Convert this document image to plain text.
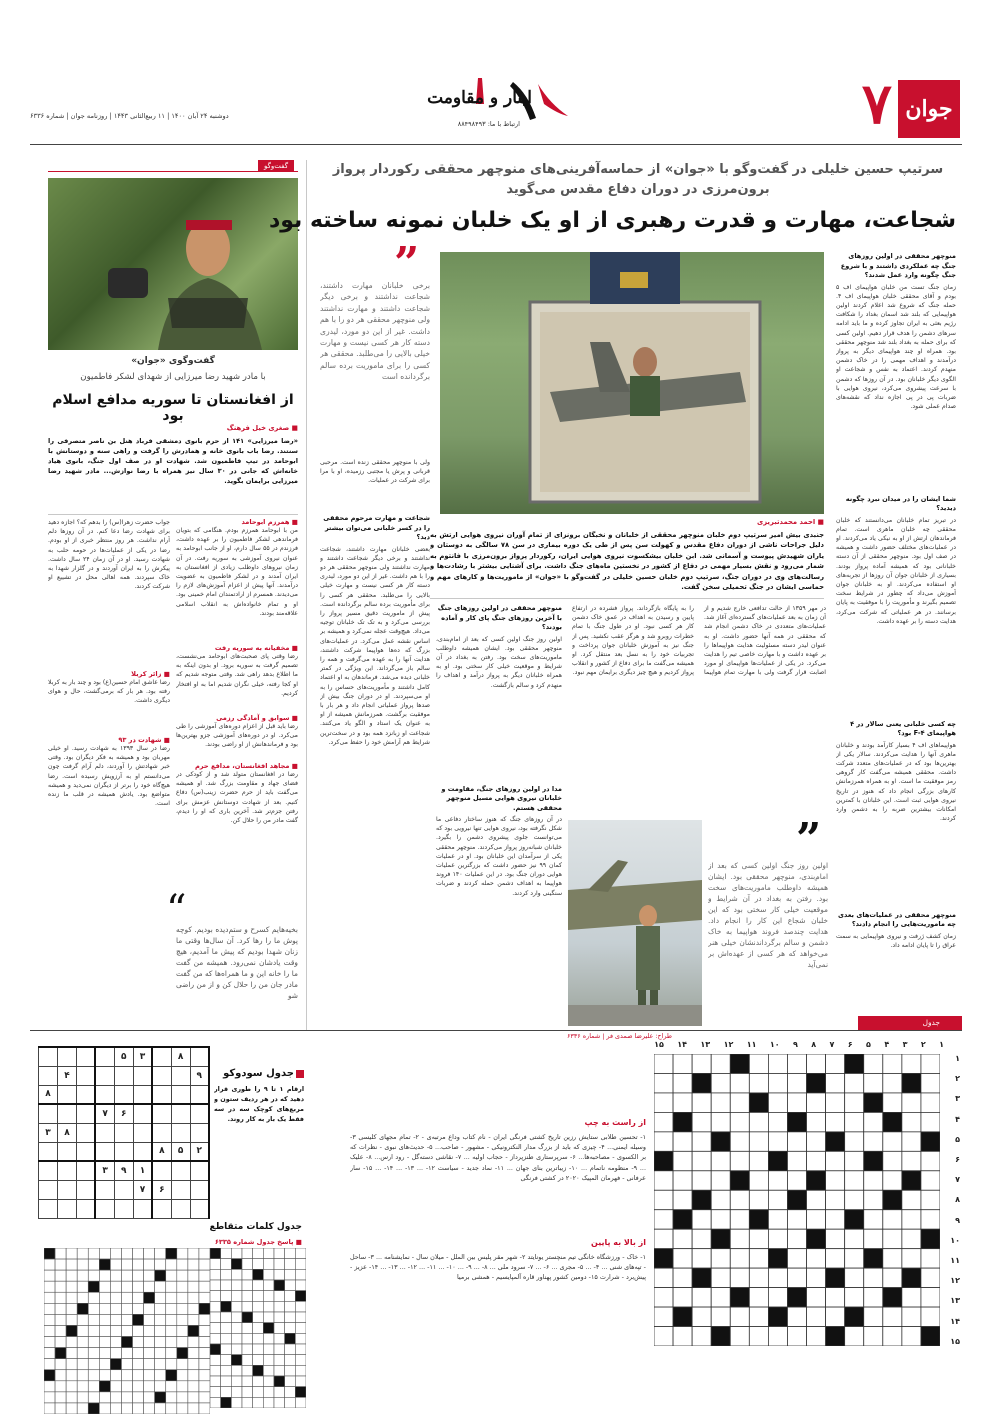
جوان
۷
ایثار و مقاومت
ارتباط با ما: ۸۸۴۹۸۴۹۳
دوشنبه ۲۴ آبان ۱۴۰۰ | ۱۱ ربیع‌الثانی ۱۴۴۳ | روزنامه جوان | شماره ۶۳۳۶
گفت‌وگو
گفت‌وگوی «جوان»
با مادر شهید رضا میرزایی از شهدای لشکر فاطمیون
از افغانستان تا سوریه مدافع اسلام بود
■ صغری خیل فرهنگ
«رضا میرزایی» ۱۴۱ از حرم بانوی دمشقی فرباد هنل بن ناصر متصرفی را سنتند. رضا باب بانوی خانه و همادرش را گرفت و راهی سنه و دوستانش با ابوحامد در تیپ فاطمیون شد. شهادت او در صف اول جنگ، بانوی هیاد خانه‌اش که جانی در ۳۰ سال نیز همراه با رضا نوازش... مادر شهید رضا میرزایی برایمان بگوید.
■ همرزم ابوحامد
من با ابوحامد همرزم بودم. هنگامی که بتویان فرماندهی لشکر فاطمیون را بر عهده داشت، فرزندم در ۵۵ سال دارم، او از جانب ابوحامد به عنوان نیروی آموزشی به سوریه رفت. در آن زمان نیروهای داوطلب زیادی از افغانستان به ایران آمدند و در لشکر فاطمیون به عضویت درآمدند. آنها پیش از اعزام آموزش‌های لازم را می‌دیدند. همسرم از ارادتمندان امام خمینی بود. او و تمام خانواده‌اش به انقلاب اسلامی علاقه‌مند بودند.
■ مخفیانه به سوریه رفت
رضا وقتی پای صحبت‌های ابوحامد می‌نشست، تصمیم گرفت به سوریه برود. او بدون اینکه به ما اطلاع بدهد راهی شد. وقتی متوجه شدیم که او کجا رفته، خیلی نگران شدیم اما به او افتخار کردیم.
■ سوابق و آمادگی رزمی
رضا باید قبل از اعزام دوره‌های آموزشی را طی می‌کرد. او در دوره‌های آموزشی جزو بهترین‌ها بود و فرماندهانش از او راضی بودند.
■ مجاهد افغانستان، مدافع حرم
رضا در افغانستان متولد شد و از کودکی در فضای جهاد و مقاومت بزرگ شد. او همیشه می‌گفت باید از حرم حضرت زینب(س) دفاع کنیم. بعد از شهادت دوستانش عزمش برای رفتن جزم‌تر شد. آخرین باری که او را دیدم، گفت مادر من را حلال کن.
جواب حضرت زهرا(س) را بدهم که؟ اجازه دهید برای شهادت رضا دعا کنم. در آن روزها دلم آرام نداشت. هر روز منتظر خبری از او بودم. رضا در یکی از عملیات‌ها در حومه حلب به شهادت رسید. او در آن زمان ۲۴ سال داشت. پیکرش را به ایران آوردند و در گلزار شهدا به خاک سپردند. همه اهالی محل در تشییع او شرکت کردند.
■ زائر کربلا
رضا عاشق امام حسین(ع) بود و چند بار به کربلا رفته بود. هر بار که برمی‌گشت، حال و هوای دیگری داشت.
■ شهادت در ۹۳
رضا در سال ۱۳۹۳ به شهادت رسید. او خیلی مهربان بود و همیشه به فکر دیگران بود. وقتی خبر شهادتش را آوردند، دلم آرام گرفت چون می‌دانستم او به آرزویش رسیده است. رضا هیچ‌گاه خود را برتر از دیگران نمی‌دید و همیشه متواضع بود. یادش همیشه در قلب ما زنده است.
“
بخیه‌هایم کسرح و ستم‌دیده بودیم. کوچه پوش ما را رها کرد. آن سال‌ها وقتی ما زنان شهدا بودیم که پیش ما آمدیم، هیچ وقت یادشان نمی‌رود. همیشه من گفت ما را خانه این و ما همراه‌ها که من گفت مادر جان من را حلال کن و از من راضی شو
سرتیپ حسین خلیلی در گفت‌وگو با «جوان» از حماسه‌آفرینی‌های منوچهر محققی رکوردار پرواز برون‌مرزی در دوران دفاع مقدس می‌گوید
شجاعت، مهارت و قدرت رهبری از او یک خلبان نمونه ساخته بود
منوچهر محققی در اولین روزهای جنگ چه عملکردی داشتند و با شروع جنگ چگونه وارد عمل شدند؟
زمان جنگ تست من خلبان هواپیمای اف ۵ بودم و آقای محققی خلبان هواپیمای اف ۴. حمله جنگ که شروع شد اعلام کردند اولین هواپیمایی که بلند شد اسمان بغداد را شکافت رژیم بعثی به ایران تجاوز کرده و ما باید ادامه سرهای دشمن را هدف قرار دهیم. اولین کسی که برای حمله به بغداد بلند شد منوچهر محققی بود. همراه او چند هواپیمای دیگر به پرواز درآمدند و اهداف مهمی را در خاک دشمن منهدم کردند. اعتماد به نفس و شجاعت او الگوی دیگر خلبانان بود. در آن روزها که دشمن با سرعت پیشروی می‌کرد، نیروی هوایی با ضربات پی در پی اجازه نداد که نقشه‌های صدام عملی شود.
شما ایشان را در میدان نبرد چگونه دیدید؟
در تبریز تمام خلبانان می‌دانستند که خلبان محققی چه خلبان ماهری است. تمام فرماندهان ارتش از او به نیکی یاد می‌کردند. او در عملیات‌های مختلف حضور داشت و همیشه در صف اول بود. منوچهر محققی از آن دسته خلبانانی بود که همیشه آماده پرواز بودند. بسیاری از خلبانان جوان آن روزها از تجربه‌های او استفاده می‌کردند. او به خلبانان جوان آموزش می‌داد که چطور در شرایط سخت تصمیم بگیرند و مأموریت را با موفقیت به پایان برسانند. در هر عملیاتی که شرکت می‌کرد، هدایت دسته را بر عهده داشت.
چه کسی خلبانی یعنی سالار در ۴ هواپیمای F-۴ بود؟
هواپیماهای اف ۴ بسیار کارآمد بودند و خلبانان ماهری آنها را هدایت می‌کردند. سالار یکی از بهترین‌ها بود که در عملیات‌های متعدد شرکت داشت. محققی همیشه می‌گفت کار گروهی رمز موفقیت ما است. او به همراه همرزمانش کارهای بزرگی انجام داد که هنوز در تاریخ نیروی هوایی ثبت است. این خلبانان با کمترین امکانات بیشترین ضربه را به دشمن وارد کردند.
منوچهر محققی در عملیات‌های بعدی چه ماموریت‌هایی را انجام دادند؟
زمان کشف ژرفت و نیروی هواپیمایی به سمت عراق را تا پایان ادامه داد.
■ احمد محمدتبریزی
جنبدی بیش امیر سرتیپ دوم خلبان منوچهر محققی از خلبانان و نخبگان برونزای از تمام آوران نیروی هوایی ارتش به دلیل جراحات ناشی از دوران دفاع مقدس و کهولت سن پس از طی یک دوره بیماری در سن ۷۸ سالگی به دوستان و یاران شهیدش پیوست و آسمانی شد. ابن خلبان بیشکسوت نیروی هوایی ایران، رکوردار پرواز برون‌مرزی با فانتوم به شمار می‌رود و نقش بسیار مهمی در دفاع از کشور در نخستین ماه‌های جنگ داشت. برای آشنایی بیشتر با رشادت‌ها و رسالت‌های وی در دوران جنگ، سرتیپ دوم خلبان حسین خلیلی در گفت‌وگو با «جوان» از ماموریت‌ها و کارهای مهم و حماسی ایشان در جنگ تحمیلی سخن گفت.
”
برخی خلبانان مهارت داشتند، شجاعت نداشتند و برخی دیگر شجاعت داشتند و مهارت نداشتند ولی منوچهر محققی هر دو را با هم داشت. غیر از این دو مورد، لیدری دسته کار هر کسی نیست و مهارت خیلی بالایی را می‌طلبد. محققی هر کسی را برای ماموریت برده سالم برگردانده است
ولی با منوچهر محققی زنده است. مرحبی قربانی و پرش یا مجتبی رزمیده، او با مرا برای شرکت در عملیات.
شجاعت و مهارت مرحوم محققی را در کسر خلبانی می‌توان بیشتر دید؟
بعضی خلبانان مهارت داشتند، شجاعت نداشتند و برخی دیگر شجاعت داشتند و مهارت نداشتند ولی منوچهر محققی هر دو را با هم داشت. غیر از این دو مورد، لیدری دسته کار هر کسی نیست و مهارت خیلی بالایی را می‌طلبد. محققی هر کسی را برای مأموریت برده سالم برگردانده است. پیش از ماموریت دقیق مسیر پرواز را بررسی می‌کرد و به تک تک خلبانان توجیه می‌داد. هیچ‌وقت عجله نمی‌کرد و همیشه بر اساس نقشه عمل می‌کرد. در عملیات‌های بزرگ که ده‌ها هواپیما شرکت داشتند، هدایت آنها را به عهده می‌گرفت و همه را سالم باز می‌گرداند. این ویژگی در کمتر خلبانی دیده می‌شد. فرماندهان به او اعتماد کامل داشتند و مأموریت‌های حساس را به او می‌سپردند. او در دوران جنگ بیش از صدها پرواز عملیاتی انجام داد و هر بار با موفقیت برگشت. همرزمانش همیشه از او به عنوان یک استاد و الگو یاد می‌کنند. شجاعت او زبانزد همه بود و در سخت‌ترین شرایط هم آرامش خود را حفظ می‌کرد.
منوچهر محققی در اولین روزهای جنگ با آخرین روزهای جنگ پای کار و آماده بودند؟
اولین روز جنگ اولین کسی که بعد از امام‌بندی، منوچهر محققی بود. ایشان همیشه داوطلب ماموریت‌های سخت بود. رفتن به بغداد در آن شرایط و موقعیت خیلی کار سختی بود. او به همراه خلبانان دیگر به پرواز درآمد و اهداف را منهدم کرد و سالم بازگشت.
مدا در اولین روزهای جنگ، مقاومت و خلبانان نیروی هوایی مسیل منوچهر محققی هستم.
در آن روزهای جنگ که هنوز ساختار دفاعی ما شکل نگرفته بود، نیروی هوایی تنها نیرویی بود که می‌توانست جلوی پیشروی دشمن را بگیرد. خلبانان شبانه‌روز پرواز می‌کردند. منوچهر محققی یکی از سرآمدان این خلبانان بود. او در عملیات کمان ۹۹ نیز حضور داشت که بزرگترین عملیات هوایی دوران جنگ بود. در این عملیات ۱۴۰ فروند هواپیما به اهداف دشمن حمله کردند و ضربات سنگینی وارد کردند.
در مهر ۱۳۵۹ از حالت تدافعی خارج شدیم و از آن زمان به بعد عملیات‌های گسترده‌ای آغاز شد. عملیات‌های متعددی در خاک دشمن انجام شد که محققی در همه آنها حضور داشت. او به عنوان لیدر دسته مسئولیت هدایت هواپیماها را بر عهده داشت و با مهارت خاصی تیم را هدایت می‌کرد. در یکی از عملیات‌ها هواپیمای او مورد اصابت قرار گرفت ولی با مهارت تمام هواپیما را به پایگاه بازگرداند. پرواز فشرده در ارتفاع پایین و رسیدن به اهداف در عمق خاک دشمن کار هر کسی نبود. او در طول جنگ با تمام خطرات روبرو شد و هرگز عقب نکشید. پس از جنگ نیز به آموزش خلبانان جوان پرداخت و تجربیات خود را به نسل بعد منتقل کرد. او همیشه می‌گفت ما برای دفاع از کشور و انقلاب پرواز کردیم و هیچ چیز دیگری برایمان مهم نبود.
”
اولین روز جنگ اولین کسی که بعد از امام‌بندی، منوچهر محققی بود. ایشان همیشه داوطلب ماموریت‌های سخت بود. رفتن به بغداد در آن شرایط و موقعیت خیلی کار سختی بود که این خلبان شجاع این کار را انجام داد. هدایت چندصد فروند هواپیما به خاک دشمن و سالم برگرداندنشان خیلی هنر می‌خواهد که هر کسی از عهده‌اش بر نمی‌آید
جدول
طراح: علیرضا صمدی فر | شماره ۶۳۳۶
۱
۲
۳
۴
۵
۶
۷
۸
۹
۱۰
۱۱
۱۲
۱۳
۱۴
۱۵
۱
۲
۳
۴
۵
۶
۷
۸
۹
۱۰
۱۱
۱۲
۱۳
۱۴
۱۵
از راست به چپ
۱- تحسین طلابی ستایش رزین تاریخ کشتی فرنگی ایران - نام کتاب وداع مرتبه‌ی - ۲- تمام مجهای کلیسی ۳- وسیله ایمنی... ۴- چیزی که باید از بزرگ مدار النکترونیکی - مشهور - صاحب... ۵- حدیث‌های نبوی - نظرات که بر الکسوی - مصاحبه‌ها... ۶- سرپرستاری طنزپرداز - حجاب اولیه ... ۷- نقاشی دسته‌گل - رود ارس... ۸- علیک ... ۹- منظومه ناتمام ... ۱۰- زیباترین بنای جهان ... ۱۱- نماد جدید - سیاست ۱۲- ... ۱۳- ... ۱۴- ... ۱۵- سار عرفانی - فهرمان المپیک ۲۰۲۰ در کشتی فرنگی
از بالا به پایین
۱- خاک - ورزشگاه خانگی تیم منچستر یونایتد ۲- شهر مقر پلیس بین الملل - میلان سال - نمایشنامه ... ۳- ساحل - تپه‌های شنی ... ۴- ... ۵- مجری ... ۶- ... ۷- سرود ملی ... ۸- ... ۹- ... ۱۰- ... ۱۱- ... ۱۲- ... ۱۳- ... ۱۴- عزیز - پیش‌برد - شرارت ۱۵- دومین کشور پهناور قاره آلمپایسیم - همشی برمیا
	۸		۳	۵				
۹							۴	
								۸
				۶	۷			
							۸	۳
۲	۵	۸						
			۱	۹	۳			
		۶	۷					

جدول سودوکو
ارقام ۱ تا ۹ را طوری قرار دهید که در هر ردیف ستون و مربع‌های کوچک سه در سه فقط یک بار به کار روند.
جدول کلمات متقاطع
■ پاسخ جدول شماره ۶۳۳۵
